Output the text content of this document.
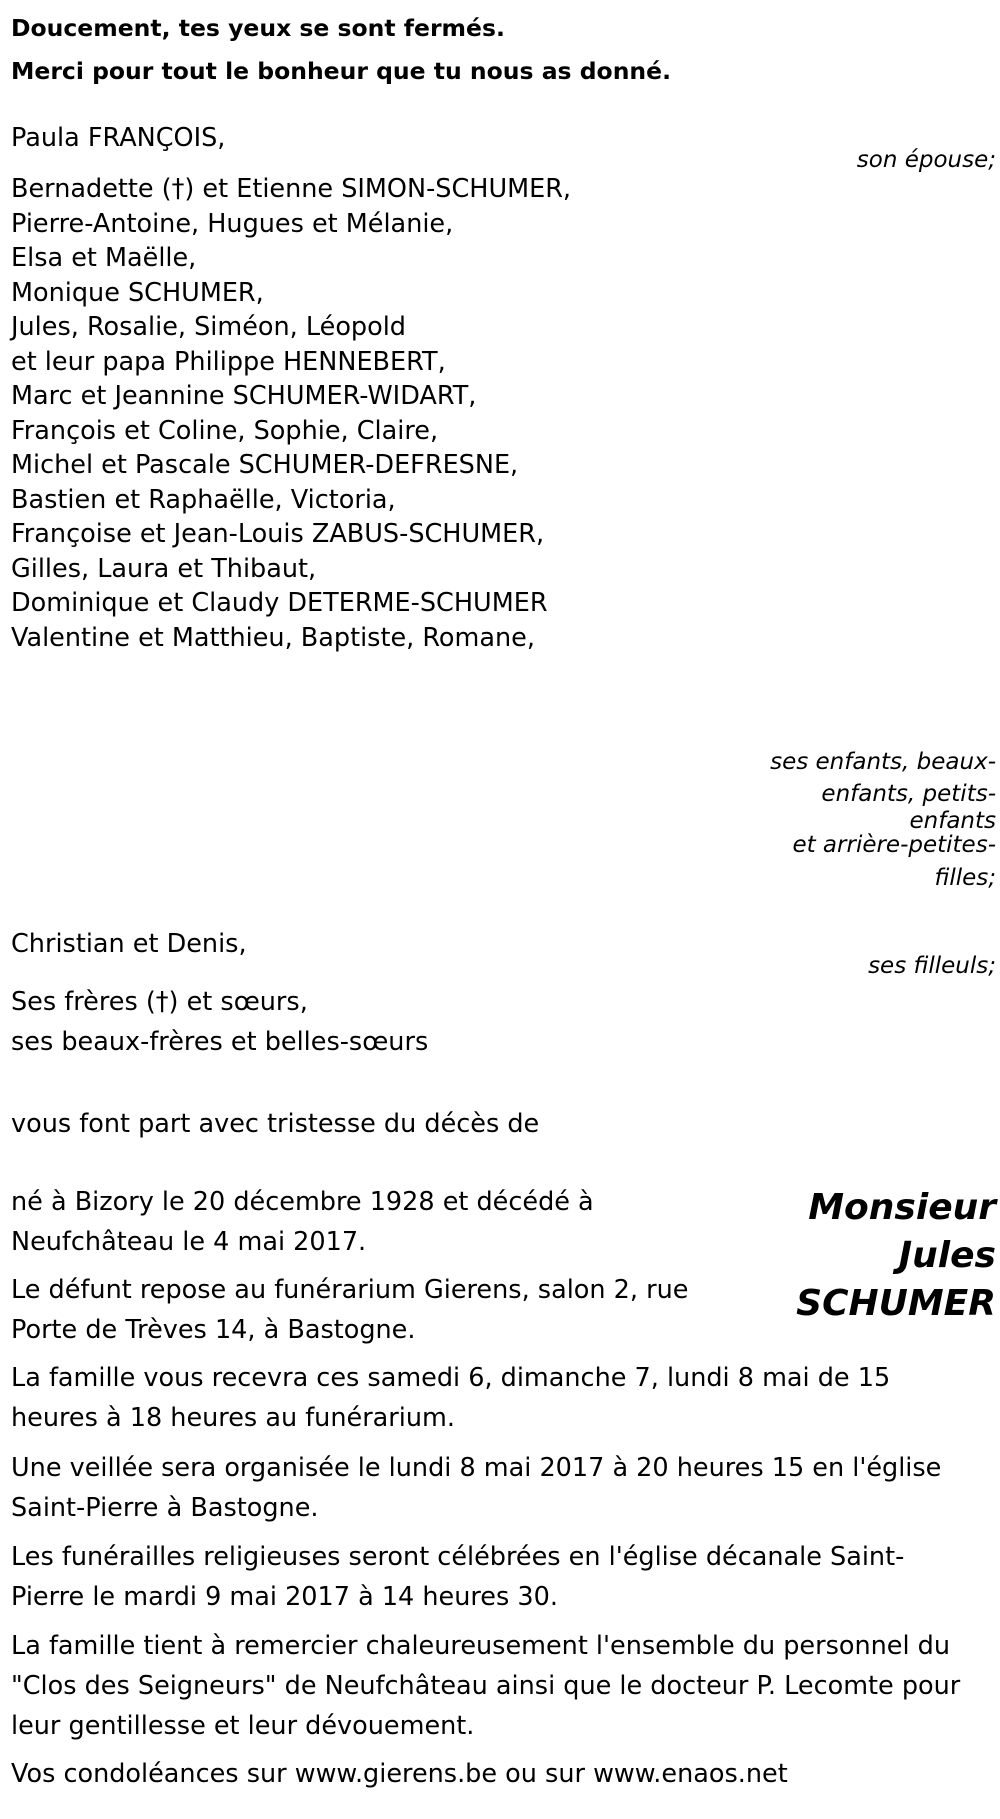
Doucement, tes yeux se sont fermés.
Merci pour tout le bonheur que tu nous as donné.
Paula FRANÇOIS,
son épouse;
Bernadette (†) et Etienne SIMON-SCHUMER,
Pierre-Antoine, Hugues et Mélanie,
Elsa et Maëlle,
Monique SCHUMER,
Jules, Rosalie, Siméon, Léopold
et leur papa Philippe HENNEBERT,
Marc et Jeannine SCHUMER-WIDART,
François et Coline, Sophie, Claire,
Michel et Pascale SCHUMER-DEFRESNE,
Bastien et Raphaëlle, Victoria,
Françoise et Jean-Louis ZABUS-SCHUMER,
Gilles, Laura et Thibaut,
Dominique et Claudy DETERME-SCHUMER
Valentine et Matthieu, Baptiste, Romane,
ses enfants, beaux-
enfants, petits-
enfants
et arrière-petites-
filles;
Christian et Denis,
ses filleuls;
Ses frères (†) et sœurs,
ses beaux-frères et belles-sœurs
vous font part avec tristesse du décès de
Monsieur
Jules
SCHUMER

né à Bizory le 20 décembre 1928 et décédé à Neufchâteau le 4 mai 2017.

Le défunt repose au funérarium Gierens, salon 2, rue Porte de Trèves 14, à Bastogne.

La famille vous recevra ces samedi 6, dimanche 7, lundi 8 mai de 15 heures à 18 heures au funérarium.

Une veillée sera organisée le lundi 8 mai 2017 à 20 heures 15 en l'église Saint-Pierre à Bastogne.

Les funérailles religieuses seront célébrées en l'église décanale Saint-Pierre le mardi 9 mai 2017 à 14 heures 30.

La famille tient à remercier chaleureusement l'ensemble du personnel du "Clos des Seigneurs" de Neufchâteau ainsi que le docteur P. Lecomte pour leur gentillesse et leur dévouement.

Vos condoléances sur www.gierens.be ou sur www.enaos.net
